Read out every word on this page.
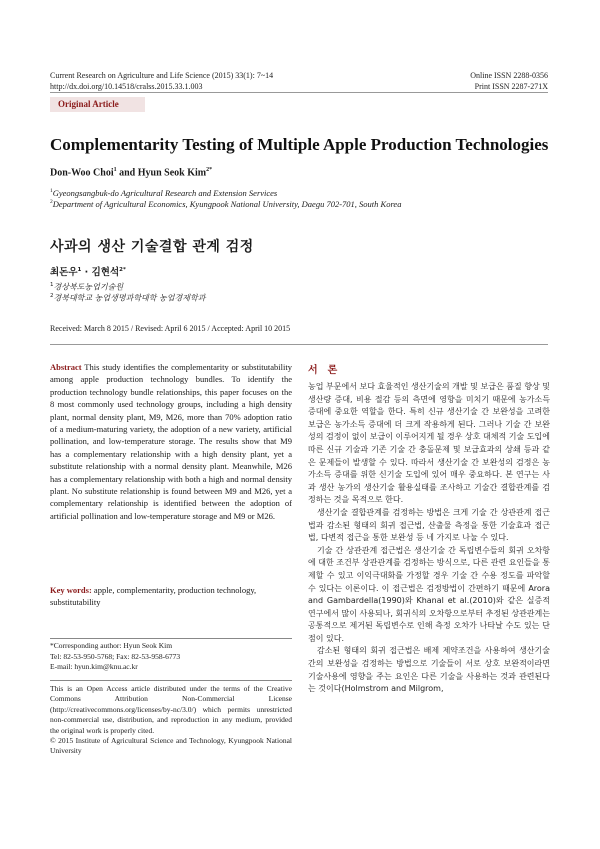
Current Research on Agriculture and Life Science (2015) 33(1): 7~14
http://dx.doi.org/10.14518/cralss.2015.33.1.003
Online ISSN 2288-0356
Print ISSN 2287-271X
Original Article
Complementarity Testing of Multiple Apple Production Technologies
Don-Woo Choi$^1$ and Hyun Seok Kim$^{2*}$
$^1$Gyeongsangbuk-do Agricultural Research and Extension Services
$^2$Department of Agricultural Economics, Kyungpook National University, Daegu 702-701, South Korea
사과의 생산 기술결합 관계 검정
최돈우$^1$ · 김현석$^{2*}$
$^1$경상북도농업기술원
$^2$경북대학교 농업생명과학대학 농업경제학과
Received: March 8 2015 / Revised: April 6 2015 / Accepted: April 10 2015
Abstract This study identifies the complementarity or substitutability among apple production technology bundles. To identify the production technology bundle relationships, this paper focuses on the 8 most commonly used technology groups, including a high density plant, normal density plant, M9, M26, more than 70% adoption ratio of a medium-maturing variety, the adoption of a new variety, artificial pollination, and low-temperature storage. The results show that M9 has a complementary relationship with a high density plant, yet a substitute relationship with a normal density plant. Meanwhile, M26 has a complementary relationship with both a high and normal density plant. No substitute relationship is found between M9 and M26, yet a complementary relationship is identified between the adoption of artificial pollination and low-temperature storage and M9 or M26.
Key words: apple, complementarity, production technology, substitutability
*Corresponding author: Hyun Seok Kim
Tel: 82-53-950-5768; Fax: 82-53-958-6773
E-mail: hyun.kim@knu.ac.kr
This is an Open Access article distributed under the terms of the Creative Commons Attribution Non-Commercial License (http://creativecommons.org/licenses/by-nc/3.0/) which permits unrestricted non-commercial use, distribution, and reproduction in any medium, provided the original work is properly cited.
© 2015 Institute of Agricultural Science and Technology, Kyungpook National University
서론

농업 부문에서 보다 효율적인 생산기술의 개발 및 보급은 품질 향상 및 생산량 증대, 비용 절감 등의 측면에 영향을 미치기 때문에 농가소득 증대에 중요한 역할을 한다. 특히 신규 생산기술 간 보완성을 고려한 보급은 농가소득 증대에 더 크게 작용하게 된다. 그러나 기술 간 보완성의 검정이 없이 보급이 이루어지게 될 경우 상호 대체적 기술 도입에 따른 신규 기술과 기존 기술 간 충돌문제 및 보급효과의 상쇄 등과 같은 문제들이 발생할 수 있다. 따라서 생산기술 간 보완성의 검정은 농가소득 증대를 위한 신기술 도입에 있어 매우 중요하다. 본 연구는 사과 생산 농가의 생산기술 활용실태를 조사하고 기술간 결합관계를 검정하는 것을 목적으로 한다.

생산기술 결합관계를 검정하는 방법은 크게 기술 간 상관관계 접근법과 감소된 형태의 회귀 접근법, 산출물 측정을 통한 기술효과 접근법, 다변적 접근을 통한 보완성 등 네 가지로 나눌 수 있다.

기술 간 상관관계 접근법은 생산기술 간 독립변수들의 회귀 오차항에 대한 조건부 상관관계를 검정하는 방식으로, 다른 관련 요인들을 통제할 수 있고 이익극대화를 가정할 경우 기술 간 수용 정도를 파악할 수 있다는 이론이다. 이 접근법은 검정방법이 간편하기 때문에 Arora and Gambardella(1990)와 Khanal et al.(2010)와 같은 실증적 연구에서 많이 사용되나, 회귀식의 오차항으로부터 추정된 상관관계는 공통적으로 제거된 독립변수로 인해 측정 오차가 나타날 수도 있는 단점이 있다.

감소된 형태의 회귀 접근법은 배제 제약조건을 사용하여 생산기술 간의 보완성을 검정하는 방법으로 기술들이 서로 상호 보완적이라면 기술사용에 영향을 주는 요인은 다른 기술을 사용하는 것과 관련된다는 것이다(Holmstrom and Milgrom,
